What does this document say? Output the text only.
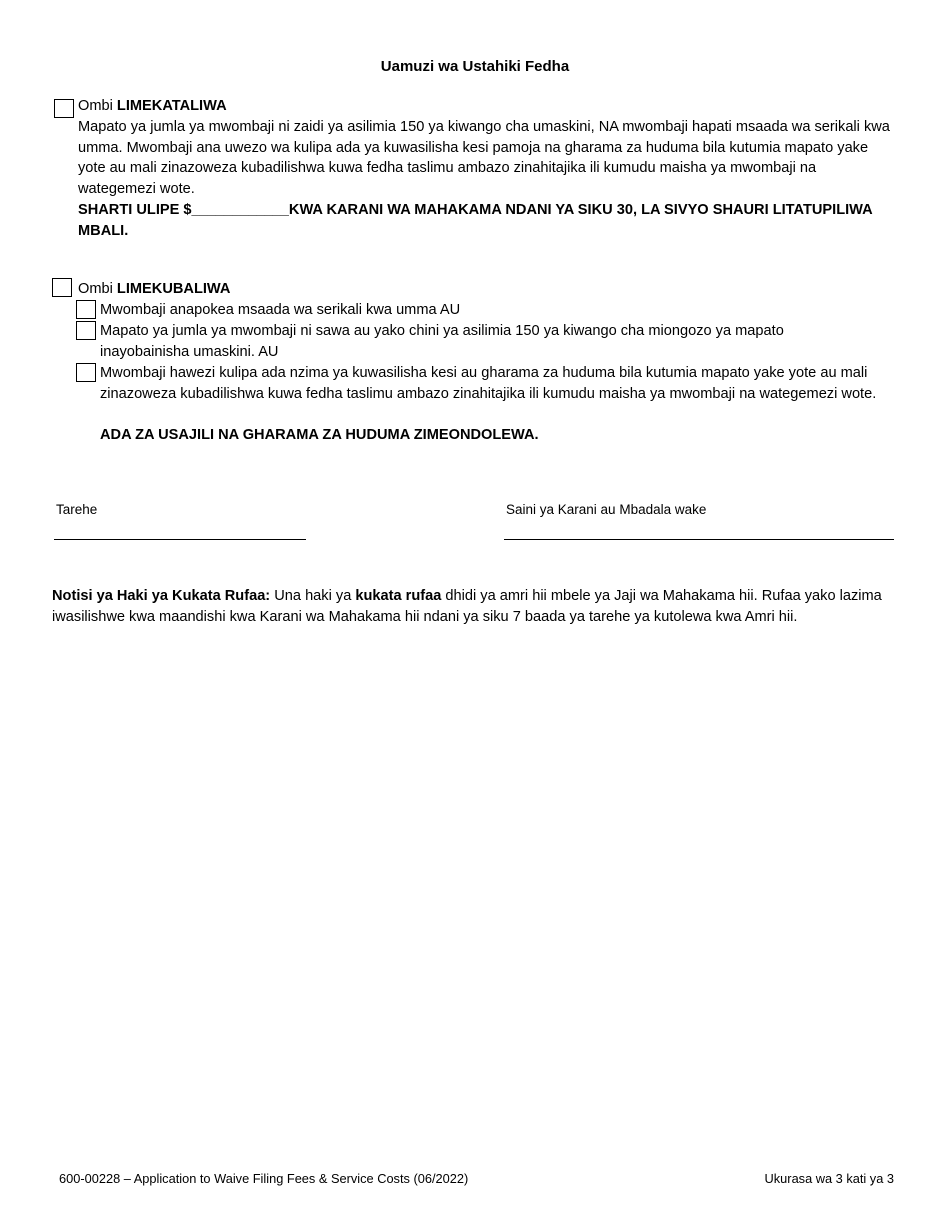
Uamuzi wa Ustahiki Fedha

Ombi LIMEKATALIWA

Mapato ya jumla ya mwombaji ni zaidi ya asilimia 150 ya kiwango cha umaskini, NA mwombaji hapati msaada wa serikali kwa umma. Mwombaji ana uwezo wa kulipa ada ya kuwasilisha kesi pamoja na gharama za huduma bila kutumia mapato yake yote au mali zinazoweza kubadilishwa kuwa fedha taslimu ambazo zinahitajika ili kumudu maisha ya mwombaji na wategemezi wote.

SHARTI ULIPE $____________KWA KARANI WA MAHAKAMA NDANI YA SIKU 30, LA SIVYO SHAURI LITATUPILIWA MBALI.

Ombi LIMEKUBALIWA

Mwombaji anapokea msaada wa serikali kwa umma AU
Mapato ya jumla ya mwombaji ni sawa au yako chini ya asilimia 150 ya kiwango cha miongozo ya mapato inayobainisha umaskini. AU
Mwombaji hawezi kulipa ada nzima ya kuwasilisha kesi au gharama za huduma bila kutumia mapato yake yote au mali zinazoweza kubadilishwa kuwa fedha taslimu ambazo zinahitajika ili kumudu maisha ya mwombaji na wategemezi wote.
ADA ZA USAJILI NA GHARAMA ZA HUDUMA ZIMEONDOLEWA.
Tarehe	Saini ya Karani au Mbadala wake

Notisi ya Haki ya Kukata Rufaa: Una haki ya kukata rufaa dhidi ya amri hii mbele ya Jaji wa Mahakama hii. Rufaa yako lazima iwasilishwe kwa maandishi kwa Karani wa Mahakama hii ndani ya siku 7 baada ya tarehe ya kutolewa kwa Amri hii.

600-00228 – Application to Waive Filing Fees & Service Costs (06/2022)	Ukurasa wa 3 kati ya 3
